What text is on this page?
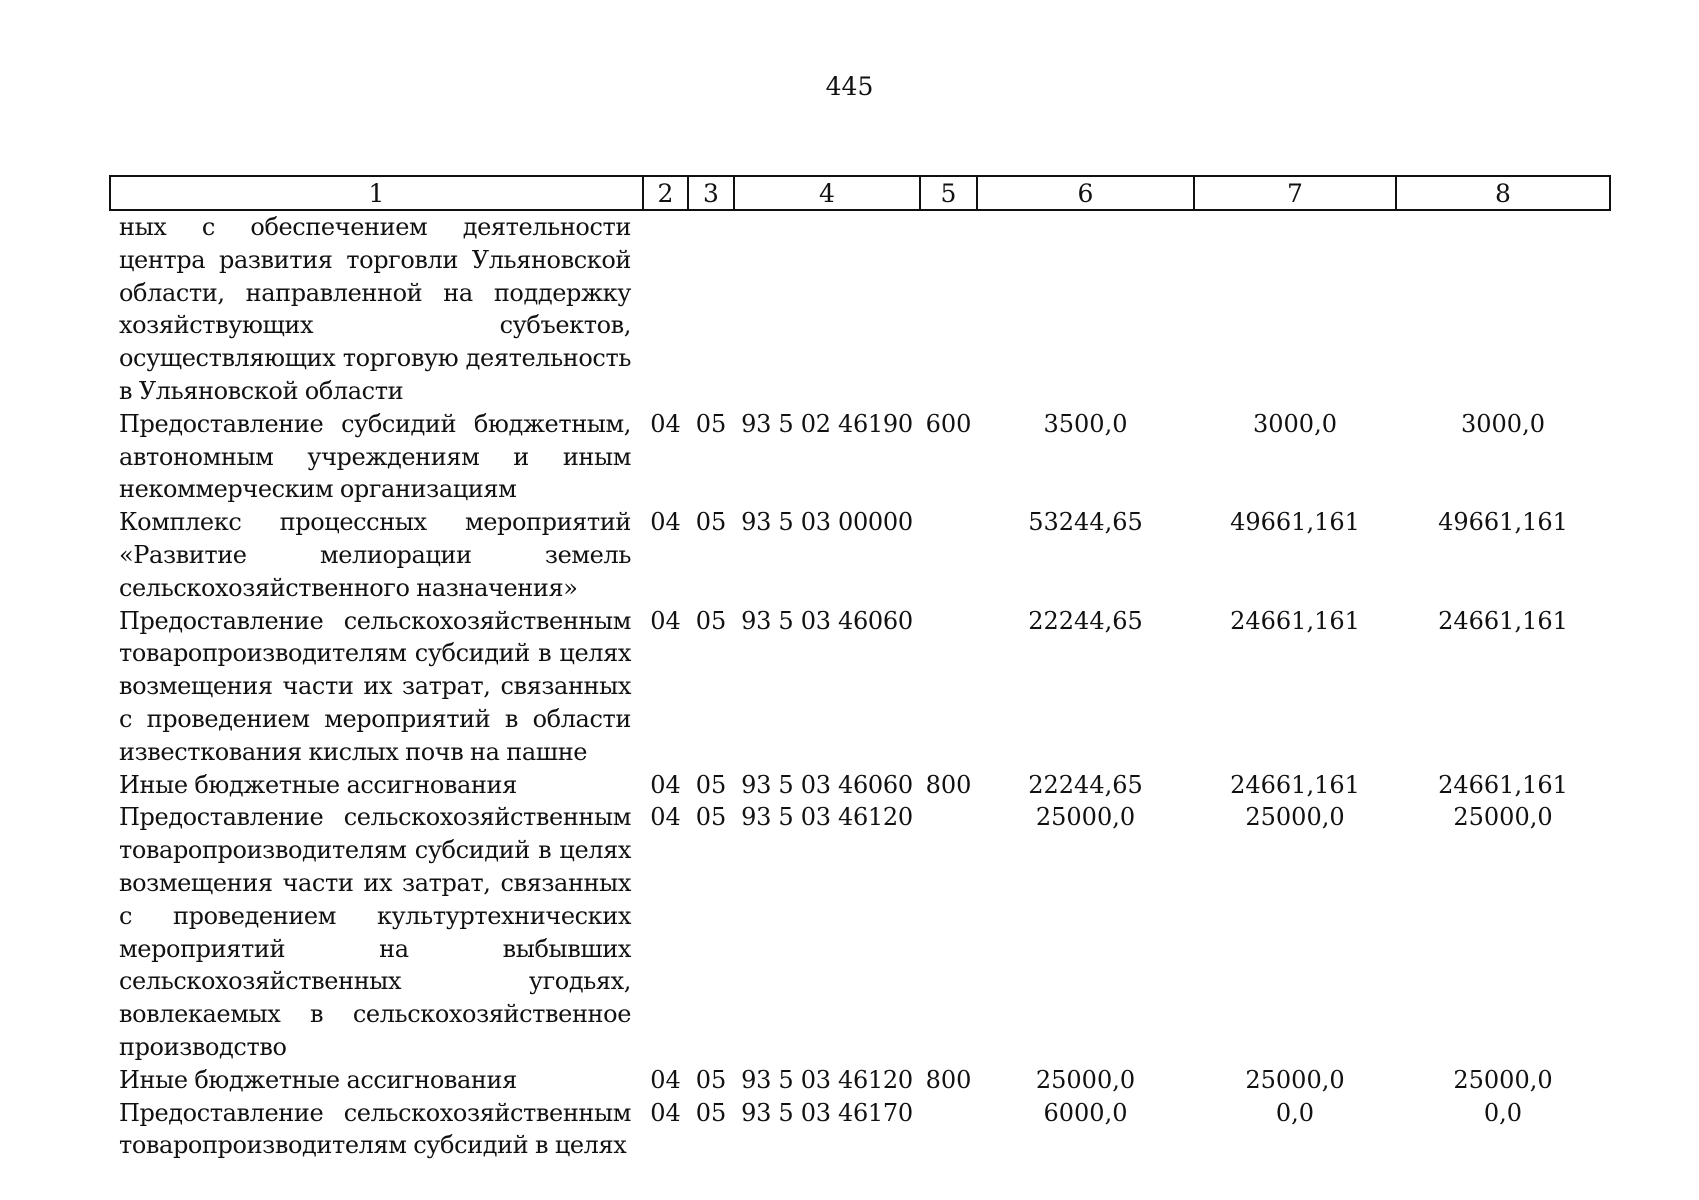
445
1	2	3	4	5	6	7	8
ных с обеспечением деятельности центра развития торговли Ульяновской области, направленной на поддержку хозяйствующих субъектов, осуществляющих торговую деятельность в Ульяновской области							
Предоставление субсидий бюджетным, автономным учреждениям и иным некоммерческим организациям	04	05	93 5 02 46190	600	3500,0	3000,0	3000,0
Комплекс процессных мероприятий «Развитие мелиорации земель сельскохозяйственного назначения»	04	05	93 5 03 00000		53244,65	49661,161	49661,161
Предоставление сельскохозяйственным товаропроизводителям субсидий в целях возмещения части их затрат, связанных с проведением мероприятий в области известкования кислых почв на пашне	04	05	93 5 03 46060		22244,65	24661,161	24661,161
Иные бюджетные ассигнования	04	05	93 5 03 46060	800	22244,65	24661,161	24661,161
Предоставление сельскохозяйственным товаропроизводителям субсидий в целях возмещения части их затрат, связанных с проведением культуртехнических мероприятий на выбывших сельскохозяйственных угодьях, вовлекаемых в сельскохозяйственное производство	04	05	93 5 03 46120		25000,0	25000,0	25000,0
Иные бюджетные ассигнования	04	05	93 5 03 46120	800	25000,0	25000,0	25000,0
Предоставление сельскохозяйственным товаропроизводителям субсидий в целях	04	05	93 5 03 46170		6000,0	0,0	0,0
